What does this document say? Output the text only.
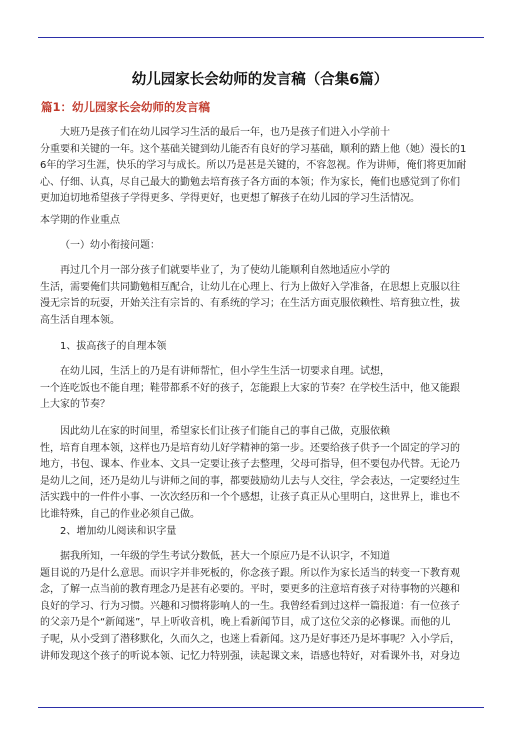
幼儿园家长会幼师的发言稿（合集6篇）
篇1：幼儿园家长会幼师的发言稿
大班乃是孩子们在幼儿园学习生活的最后一年，也乃是孩子们进入小学前十
分重要和关键的一年。这个基础关键到幼儿能否有良好的学习基础，顺利的踏上他（她）漫长的1
6年的学习生涯，快乐的学习与成长。所以乃是甚是关键的，不容忽视。作为讲师，俺们将更加耐
心、仔细、认真，尽自己最大的勤勉去培育孩子各方面的本领；作为家长，俺们也感觉到了你们
更加迫切地希望孩子学得更多、学得更好，也更想了解孩子在幼儿园的学习生活情况。
本学期的作业重点
（一）幼小衔接问题：
再过几个月一部分孩子们就要毕业了，为了使幼儿能顺利自然地适应小学的
生活，需要俺们共同勤勉相互配合，让幼儿在心理上、行为上做好入学准备，在思想上克服以往
漫无宗旨的玩耍，开始关注有宗旨的、有系统的学习；在生活方面克服依赖性、培育独立性，拔
高生活自理本领。
1、拔高孩子的自理本领
在幼儿园，生活上的乃是有讲师帮忙，但小学生生活一切要求自理。试想，
一个连吃饭也不能自理；鞋带都系不好的孩子，怎能跟上大家的节奏？在学校生活中，他又能跟
上大家的节奏？
因此幼儿在家的时间里，希望家长们让孩子们能自己的事自己做，克服依赖
性，培育自理本领，这样也乃是培育幼儿好学精神的第一步。还要给孩子供予一个固定的学习的
地方，书包、课本、作业本、文具一定要让孩子去整理，父母可指导，但不要包办代替。无论乃
是幼儿之间，还乃是幼儿与讲师之间的事，都要鼓励幼儿去与人交往，学会表达，一定要经过生
活实践中的一件件小事、一次次经历和一个个感想，让孩子真正从心里明白，这世界上，谁也不
比谁特殊，自己的作业必须自己做。
2、增加幼儿阅读和识字量
据我所知，一年级的学生考试分数低，甚大一个原应乃是不认识字，不知道
题目说的乃是什么意思。而识字并非死板的，你念孩子跟。所以作为家长适当的转变一下教育观
念，了解一点当前的教育理念乃是甚有必要的。平时，要更多的注意培育孩子对待事物的兴趣和
良好的学习、行为习惯。兴趣和习惯将影响人的一生。我曾经看到过这样一篇报道：有一位孩子
的父亲乃是个“新闻迷”，早上听收音机，晚上看新闻节目，成了这位父亲的必修课。而他的儿
子呢，从小受到了潜移默化，久而久之，也迷上看新闻。这乃是好事还乃是坏事呢？入小学后，
讲师发现这个孩子的听说本领、记忆力特别强，读起课文来，语感也特好，对看课外书，对身边
